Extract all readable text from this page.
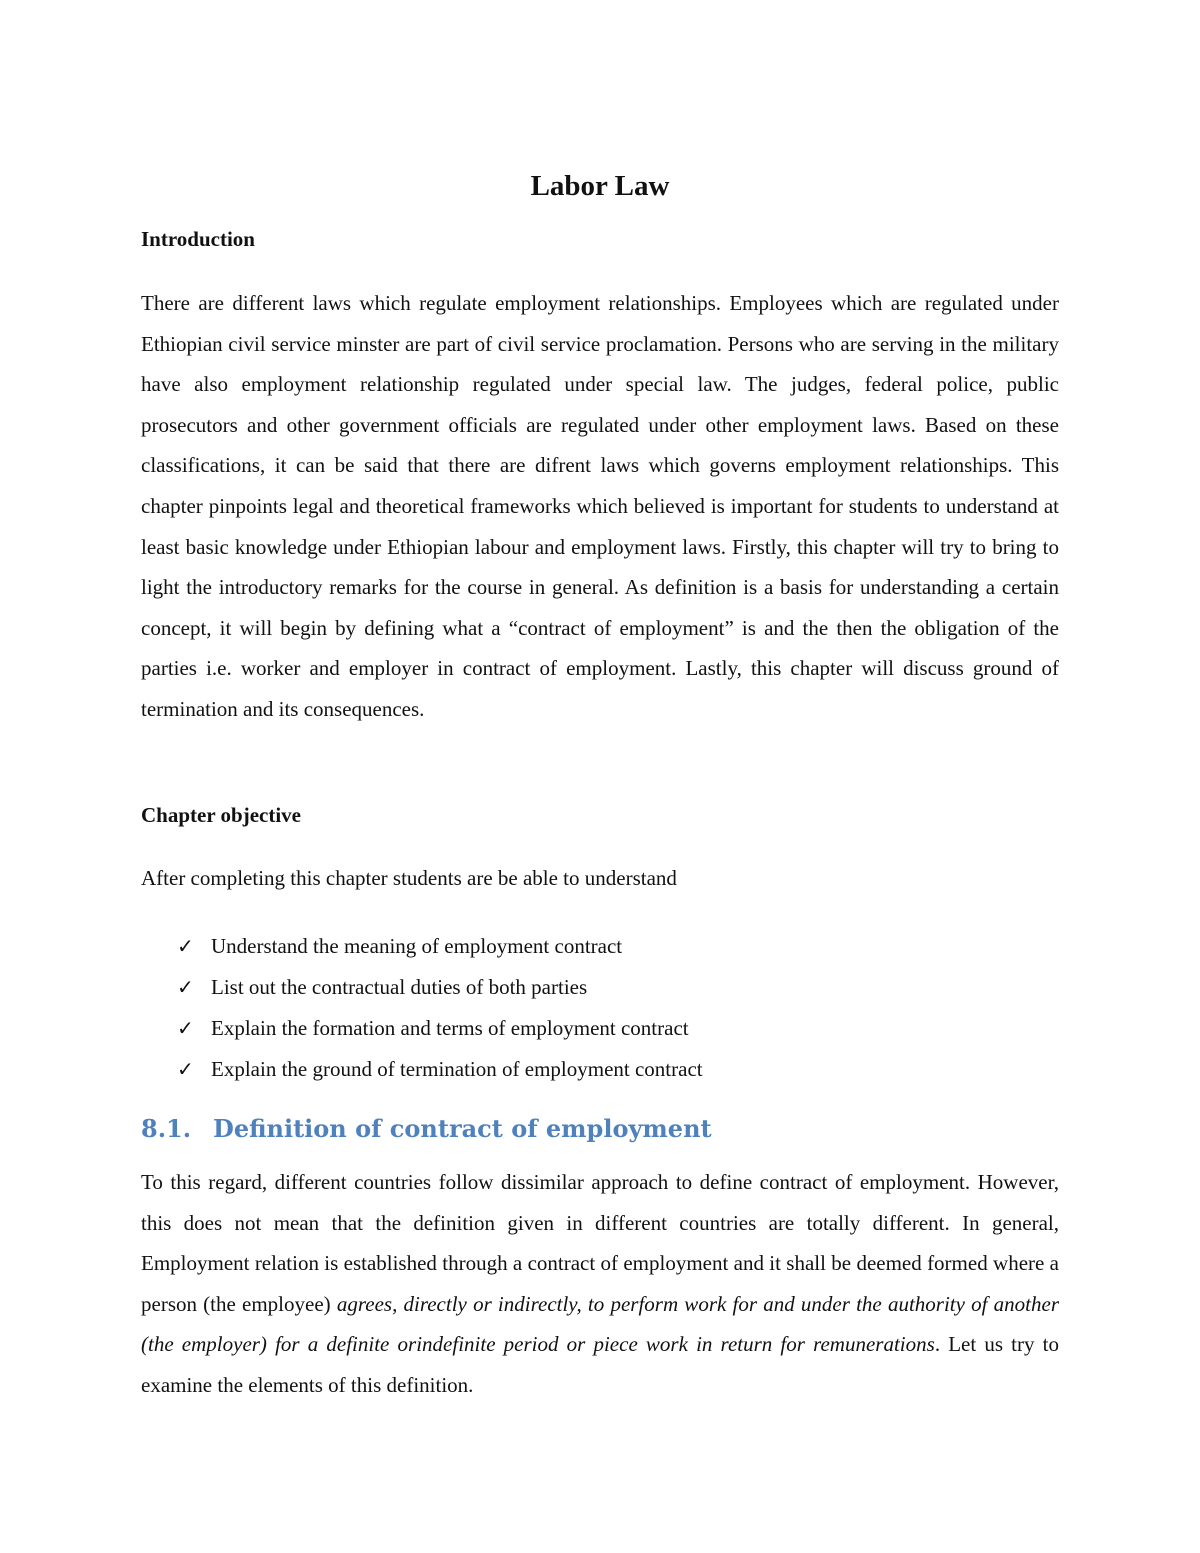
Labor Law
Introduction

There are different laws which regulate employment relationships. Employees which are regulated under Ethiopian civil service minster are part of civil service proclamation. Persons who are serving in the military have also employment relationship regulated under special law. The judges, federal police, public prosecutors and other government officials are regulated under other employment laws. Based on these classifications, it can be said that there are difrent laws which governs employment relationships. This chapter pinpoints legal and theoretical frameworks which believed is important for students to understand at least basic knowledge under Ethiopian labour and employment laws. Firstly, this chapter will try to bring to light the introductory remarks for the course in general. As definition is a basis for understanding a certain concept, it will begin by defining what a “contract of employment” is and the then the obligation of the parties i.e. worker and employer in contract of employment. Lastly, this chapter will discuss ground of termination and its consequences.

Chapter objective

After completing this chapter students are be able to understand

✓ Understand the meaning of employment contract
✓ List out the contractual duties of both parties
✓ Explain the formation and terms of employment contract
✓ Explain the ground of termination of employment contract
8.1. Definition of contract of employment

To this regard, different countries follow dissimilar approach to define contract of employment. However, this does not mean that the definition given in different countries are totally different. In general, Employment relation is established through a contract of employment and it shall be deemed formed where a person (the employee) agrees, directly or indirectly, to perform work for and under the authority of another (the employer) for a definite orindefinite period or piece work in return for remunerations. Let us try to examine the elements of this definition.
